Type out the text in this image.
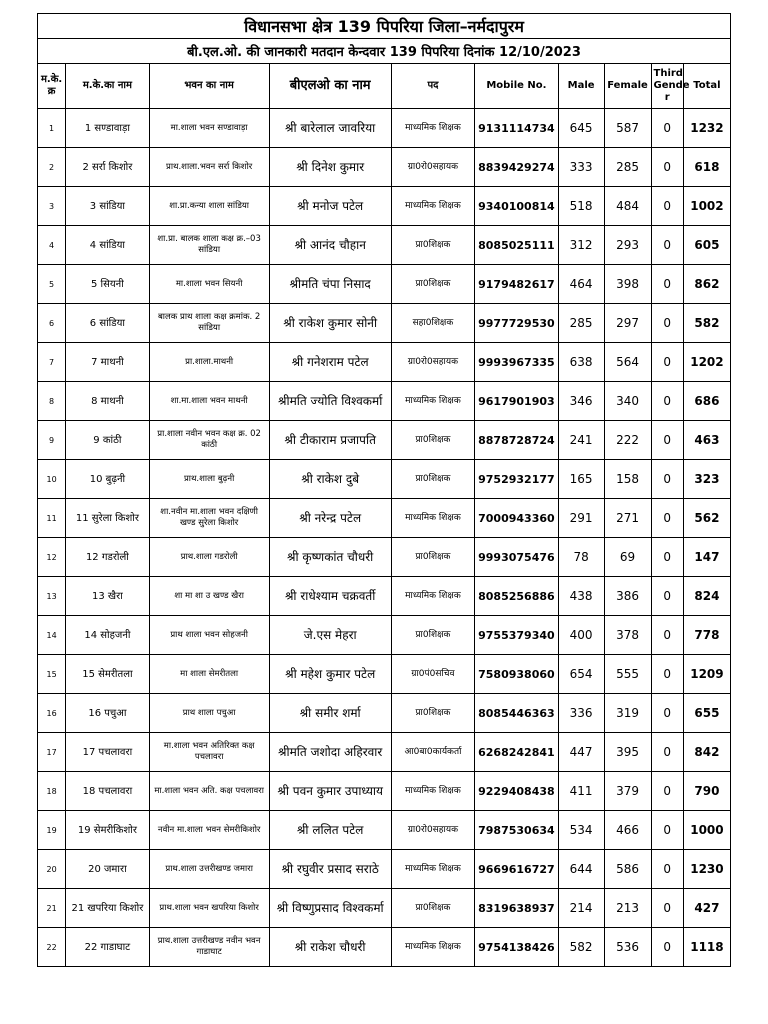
विधानसभा क्षेत्र 139 पिपरिया जिला–नर्मदापुरम									
बी.एल.ओ. की जानकारी मतदान केन्दवार 139 पिपरिया दिनांक 12/10/2023									
म.के. क्र	म.के.का नाम	भवन का नाम	बीएलओ का नाम	पद	Mobile No.	Male	Female	Third Gende r	Total
1	1 सण्डावाड़ा	मा.शाला भवन सण्डावाड़ा	श्री बारेलाल जावरिया	माध्यमिक शिक्षक	9131114734	645	587	0	1232
2	2 सर्रा किशोर	प्राथ.शाला.भवन सर्रा किशोर	श्री दिनेश कुमार	ग्रा0रो0सहायक	8839429274	333	285	0	618
3	3 सांडिया	शा.प्रा.कन्या शाला सांडिया	श्री मनोज पटेल	माध्यमिक शिक्षक	9340100814	518	484	0	1002
4	4 सांडिया	शा.प्रा. बालक शाला कक्ष क्र.–03 सांडिया	श्री आनंद चौहान	प्रा0शिक्षक	8085025111	312	293	0	605
5	5 सियनी	मा.शाला भवन सियनी	श्रीमति चंपा निसाद	प्रा0शिक्षक	9179482617	464	398	0	862
6	6 सांडिया	बालक प्राथ शाला कक्ष क्रमांक. 2 सांडिया	श्री राकेश कुमार सोनी	सहा0शिक्षक	9977729530	285	297	0	582
7	7 माथनी	प्रा.शाला.माथनी	श्री गनेशराम पटेल	ग्रा0रो0सहायक	9993967335	638	564	0	1202
8	8 माथनी	शा.मा.शाला भवन माथनी	श्रीमति ज्योति विश्वकर्मा	माध्यमिक शिक्षक	9617901903	346	340	0	686
9	9 कांठी	प्रा.शाला नवीन भवन कक्ष क्र. 02 कांठी	श्री टीकाराम प्रजापति	प्रा0शिक्षक	8878728724	241	222	0	463
10	10 बुढ़नी	प्राथ.शाला बुढ़नी	श्री राकेश दुबे	प्रा0शिक्षक	9752932177	165	158	0	323
11	11 सुरेला किशोर	शा.नवीन मा.शाला भवन दक्षिणी खण्ड सुरेला किशोर	श्री नरेन्द्र पटेल	माध्यमिक शिक्षक	7000943360	291	271	0	562
12	12 गडरोली	प्राथ.शाला गडरोली	श्री कृष्णकांत चौधरी	प्रा0शिक्षक	9993075476	78	69	0	147
13	13 खैरा	शा मा शा उ खण्ड खैरा	श्री राधेश्याम चक्रवर्ती	माध्यमिक शिक्षक	8085256886	438	386	0	824
14	14 सोहजनी	प्राथ शाला भवन सोहजनी	जे.एस मेहरा	प्रा0शिक्षक	9755379340	400	378	0	778
15	15 सेमरीतला	मा शाला सेमरीतला	श्री महेश कुमार पटेल	ग्रा0पं0सचिव	7580938060	654	555	0	1209
16	16 पचुआ	प्राथ शाला पचुआ	श्री समीर शर्मा	प्रा0शिक्षक	8085446363	336	319	0	655
17	17 पचलावरा	मा.शाला भवन अतिरिक्त कक्ष पचलावरा	श्रीमति जशोदा अहिरवार	आ0बा0कार्यकर्ता	6268242841	447	395	0	842
18	18 पचलावरा	मा.शाला भवन अति. कक्ष पचलावरा	श्री पवन कुमार उपाध्याय	माध्यमिक शिक्षक	9229408438	411	379	0	790
19	19 सेमरीकिशोर	नवीन मा.शाला भवन सेमरीकिशोर	श्री ललित पटेल	ग्रा0रो0सहायक	7987530634	534	466	0	1000
20	20 जमारा	प्राथ.शाला उत्तरीखण्ड जमारा	श्री रघुवीर प्रसाद सराठे	माध्यमिक शिक्षक	9669616727	644	586	0	1230
21	21 खपरिया किशोर	प्राथ.शाला भवन खपरिया किशोर	श्री विष्णुप्रसाद विश्वकर्मा	प्रा0शिक्षक	8319638937	214	213	0	427
22	22 गाडाघाट	प्राथ.शाला उत्तरीखण्ड नवीन भवन गाडाघाट	श्री राकेश चौधरी	माध्यमिक शिक्षक	9754138426	582	536	0	1118
